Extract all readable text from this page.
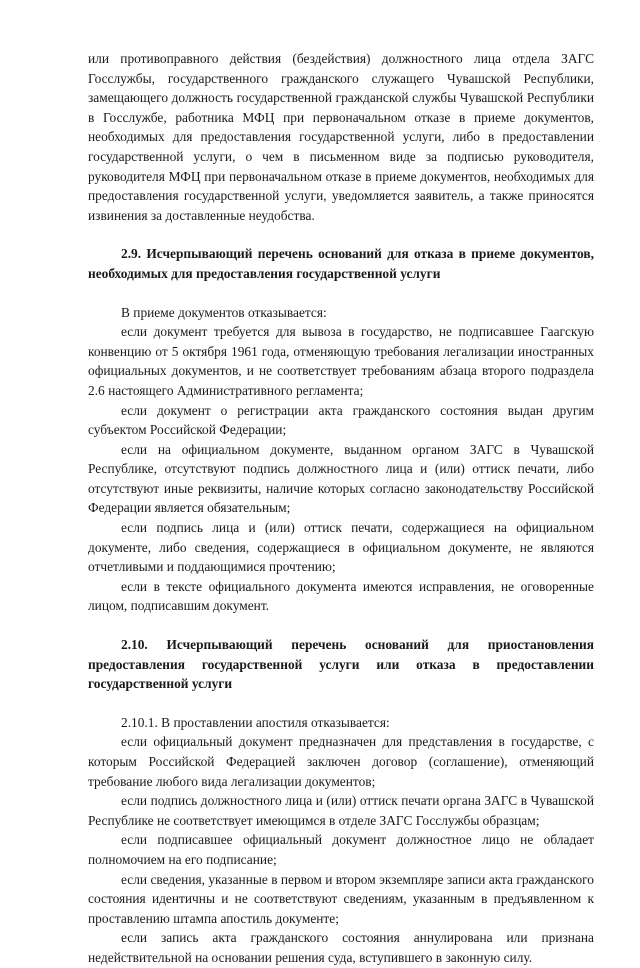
или противоправного действия (бездействия) должностного лица отдела ЗАГС Госслужбы, государственного гражданского служащего Чувашской Республики, замещающего должность государственной гражданской службы Чувашской Республики в Госслужбе, работника МФЦ при первоначальном отказе в приеме документов, необходимых для предоставления государственной услуги, либо в предоставлении государственной услуги, о чем в письменном виде за подписью руководителя, руководителя МФЦ при первоначальном отказе в приеме документов, необходимых для предоставления государственной услуги, уведомляется заявитель, а также приносятся извинения за доставленные неудобства.

2.9. Исчерпывающий перечень оснований для отказа в приеме документов, необходимых для предоставления государственной услуги

В приеме документов отказывается:

если документ требуется для вывоза в государство, не подписавшее Гаагскую конвенцию от 5 октября 1961 года, отменяющую требования легализации иностранных официальных документов, и не соответствует требованиям абзаца второго подраздела 2.6 настоящего Административного регламента;

если документ о регистрации акта гражданского состояния выдан другим субъектом Российской Федерации;

если на официальном документе, выданном органом ЗАГС в Чувашской Республике, отсутствуют подпись должностного лица и (или) оттиск печати, либо отсутствуют иные реквизиты, наличие которых согласно законодательству Российской Федерации является обязательным;

если подпись лица и (или) оттиск печати, содержащиеся на официальном документе, либо сведения, содержащиеся в официальном документе, не являются отчетливыми и поддающимися прочтению;

если в тексте официального документа имеются исправления, не оговоренные лицом, подписавшим документ.

2.10. Исчерпывающий перечень оснований для приостановления предоставления государственной услуги или отказа в предоставлении государственной услуги

2.10.1. В проставлении апостиля отказывается:

если официальный документ предназначен для представления в государстве, с которым Российской Федерацией заключен договор (соглашение), отменяющий требование любого вида легализации документов;

если подпись должностного лица и (или) оттиск печати органа ЗАГС в Чувашской Республике не соответствует имеющимся в отделе ЗАГС Госслужбы образцам;

если подписавшее официальный документ должностное лицо не обладает полномочием на его подписание;

если сведения, указанные в первом и втором экземпляре записи акта гражданского состояния идентичны и не соответствуют сведениям, указанным в предъявленном к проставлению штампа апостиль документе;

если запись акта гражданского состояния аннулирована или признана недействительной на основании решения суда, вступившего в законную силу.
